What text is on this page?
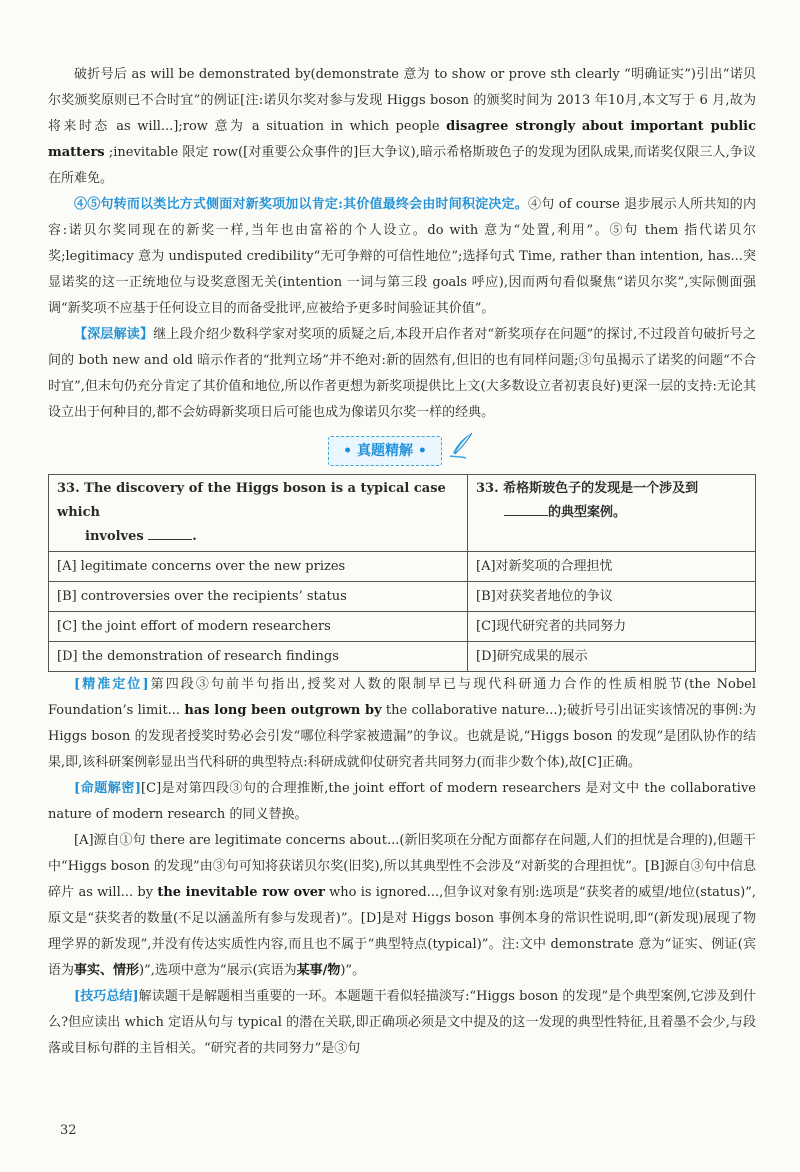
破折号后 as will be demonstrated by(demonstrate 意为 to show or prove sth clearly “明确证实”)引出“诺贝尔奖颁奖原则已不合时宜”的例证[注:诺贝尔奖对参与发现 Higgs boson 的颁奖时间为 2013 年10月,本文写于 6 月,故为将来时态 as will...];row 意为 a situation in which people disagree strongly about important public matters ;inevitable 限定 row([对重要公众事件的]巨大争议),暗示希格斯玻色子的发现为团队成果,而诺奖仅限三人,争议在所难免。

④⑤句转而以类比方式侧面对新奖项加以肯定:其价值最终会由时间积淀决定。④句 of course 退步展示人所共知的内容:诺贝尔奖同现在的新奖一样,当年也由富裕的个人设立。do with 意为“处置,利用”。⑤句 them 指代诺贝尔奖;legitimacy 意为 undisputed credibility“无可争辩的可信性地位”;选择句式 Time, rather than intention, has...突显诺奖的这一正统地位与设奖意图无关(intention 一词与第三段 goals 呼应),因而两句看似聚焦“诺贝尔奖”,实际侧面强调“新奖项不应基于任何设立目的而备受批评,应被给予更多时间验证其价值”。

【深层解读】继上段介绍少数科学家对奖项的质疑之后,本段开启作者对“新奖项存在问题”的探讨,不过段首句破折号之间的 both new and old 暗示作者的“批判立场”并不绝对:新的固然有,但旧的也有同样问题;③句虽揭示了诺奖的问题“不合时宜”,但末句仍充分肯定了其价值和地位,所以作者更想为新奖项提供比上文(大多数设立者初衷良好)更深一层的支持:无论其设立出于何种目的,都不会妨碍新奖项日后可能也成为像诺贝尔奖一样的经典。

• 真题精解 •
33. The discovery of the Higgs boson is a typical case which
involves .	33. 希格斯玻色子的发现是一个涉及到
的典型案例。
[A] legitimate concerns over the new prizes	[A]对新奖项的合理担忧
[B] controversies over the recipients’ status	[B]对获奖者地位的争议
[C] the joint effort of modern researchers	[C]现代研究者的共同努力
[D] the demonstration of research findings	[D]研究成果的展示

[精准定位]第四段③句前半句指出,授奖对人数的限制早已与现代科研通力合作的性质相脱节(the Nobel Foundation’s limit... has long been outgrown by the collaborative nature...);破折号引出证实该情况的事例:为 Higgs boson 的发现者授奖时势必会引发“哪位科学家被遗漏”的争议。也就是说,“Higgs boson 的发现”是团队协作的结果,即,该科研案例彰显出当代科研的典型特点:科研成就仰仗研究者共同努力(而非少数个体),故[C]正确。

[命题解密][C]是对第四段③句的合理推断,the joint effort of modern researchers 是对文中 the collaborative nature of modern research 的同义替换。

[A]源自①句 there are legitimate concerns about...(新旧奖项在分配方面都存在问题,人们的担忧是合理的),但题干中“Higgs boson 的发现”由③句可知将获诺贝尔奖(旧奖),所以其典型性不会涉及“对新奖的合理担忧”。[B]源自③句中信息碎片 as will... by the inevitable row over who is ignored...,但争议对象有别:选项是“获奖者的威望/地位(status)”,原文是“获奖者的数量(不足以涵盖所有参与发现者)”。[D]是对 Higgs boson 事例本身的常识性说明,即“(新发现)展现了物理学界的新发现”,并没有传达实质性内容,而且也不属于“典型特点(typical)”。注:文中 demonstrate 意为“证实、例证(宾语为事实、情形)”,选项中意为“展示(宾语为某事/物)”。

[技巧总结]解读题干是解题相当重要的一环。本题题干看似轻描淡写:“Higgs boson 的发现”是个典型案例,它涉及到什么?但应读出 which 定语从句与 typical 的潜在关联,即正确项必须是文中提及的这一发现的典型性特征,且着墨不会少,与段落或目标句群的主旨相关。“研究者的共同努力”是③句

32
